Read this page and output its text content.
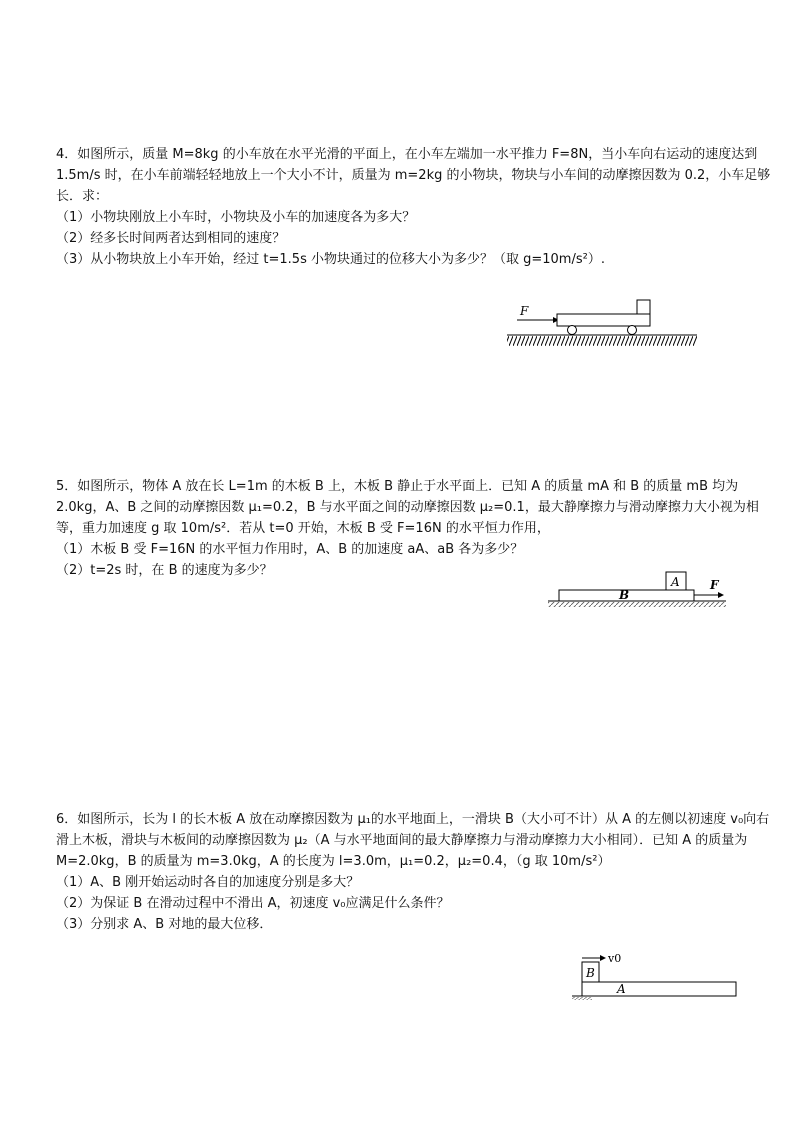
4．如图所示，质量 M=8kg 的小车放在水平光滑的平面上，在小车左端加一水平推力 F=8N，当小车向右运动的速度达到 1.5m/s 时，在小车前端轻轻地放上一个大小不计，质量为 m=2kg 的小物块，物块与小车间的动摩擦因数为 0.2，小车足够长．求：

（1）小物块刚放上小车时，小物块及小车的加速度各为多大？

（2）经多长时间两者达到相同的速度？

（3）从小物块放上小车开始，经过 t=1.5s 小物块通过的位移大小为多少？（取 g=10m/s²）.

F

5．如图所示，物体 A 放在长 L=1m 的木板 B 上，木板 B 静止于水平面上．已知 A 的质量 mA 和 B 的质量 mB 均为 2.0kg，A、B 之间的动摩擦因数 μ₁=0.2，B 与水平面之间的动摩擦因数 μ₂=0.1，最大静摩擦力与滑动摩擦力大小视为相等，重力加速度 g 取 10m/s²．若从 t=0 开始，木板 B 受 F=16N 的水平恒力作用，

（1）木板 B 受 F=16N 的水平恒力作用时，A、B 的加速度 aA、aB 各为多少？

（2）t=2s 时，在 B 的速度为多少？

A
B
F

6．如图所示，长为 l 的长木板 A 放在动摩擦因数为 μ₁的水平地面上，一滑块 B（大小可不计）从 A 的左侧以初速度 v₀向右滑上木板，滑块与木板间的动摩擦因数为 μ₂（A 与水平地面间的最大静摩擦力与滑动摩擦力大小相同）．已知 A 的质量为 M=2.0kg，B 的质量为 m=3.0kg，A 的长度为 l=3.0m，μ₁=0.2，μ₂=0.4，（g 取 10m/s²）

（1）A、B 刚开始运动时各自的加速度分别是多大？

（2）为保证 B 在滑动过程中不滑出 A，初速度 v₀应满足什么条件？

（3）分别求 A、B 对地的最大位移．

v0
B
A
